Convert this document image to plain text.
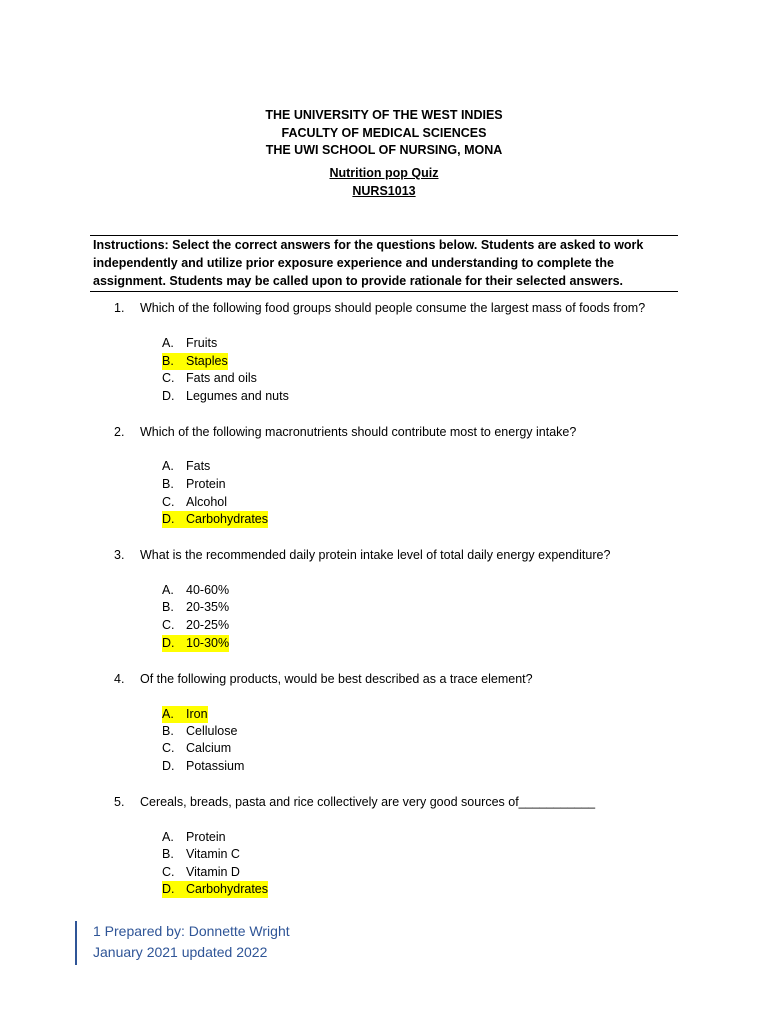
THE UNIVERSITY OF THE WEST INDIES
FACULTY OF MEDICAL SCIENCES
THE UWI SCHOOL OF NURSING, MONA
Nutrition pop Quiz
NURS1013
Instructions: Select the correct answers for the questions below. Students are asked to work independently and utilize prior exposure experience and understanding to complete the assignment. Students may be called upon to provide rationale for their selected answers.
1. Which of the following food groups should people consume the largest mass of foods from?
A. Fruits
B. Staples
C. Fats and oils
D. Legumes and nuts
2. Which of the following macronutrients should contribute most to energy intake?
A. Fats
B. Protein
C. Alcohol
D. Carbohydrates
3. What is the recommended daily protein intake level of total daily energy expenditure?
A. 40-60%
B. 20-35%
C. 20-25%
D. 10-30%
4. Of the following products, would be best described as a trace element?
A. Iron
B. Cellulose
C. Calcium
D. Potassium
5. Cereals, breads, pasta and rice collectively are very good sources of___________
A. Protein
B. Vitamin C
C. Vitamin D
D. Carbohydrates
1 Prepared by: Donnette Wright
January 2021 updated 2022
